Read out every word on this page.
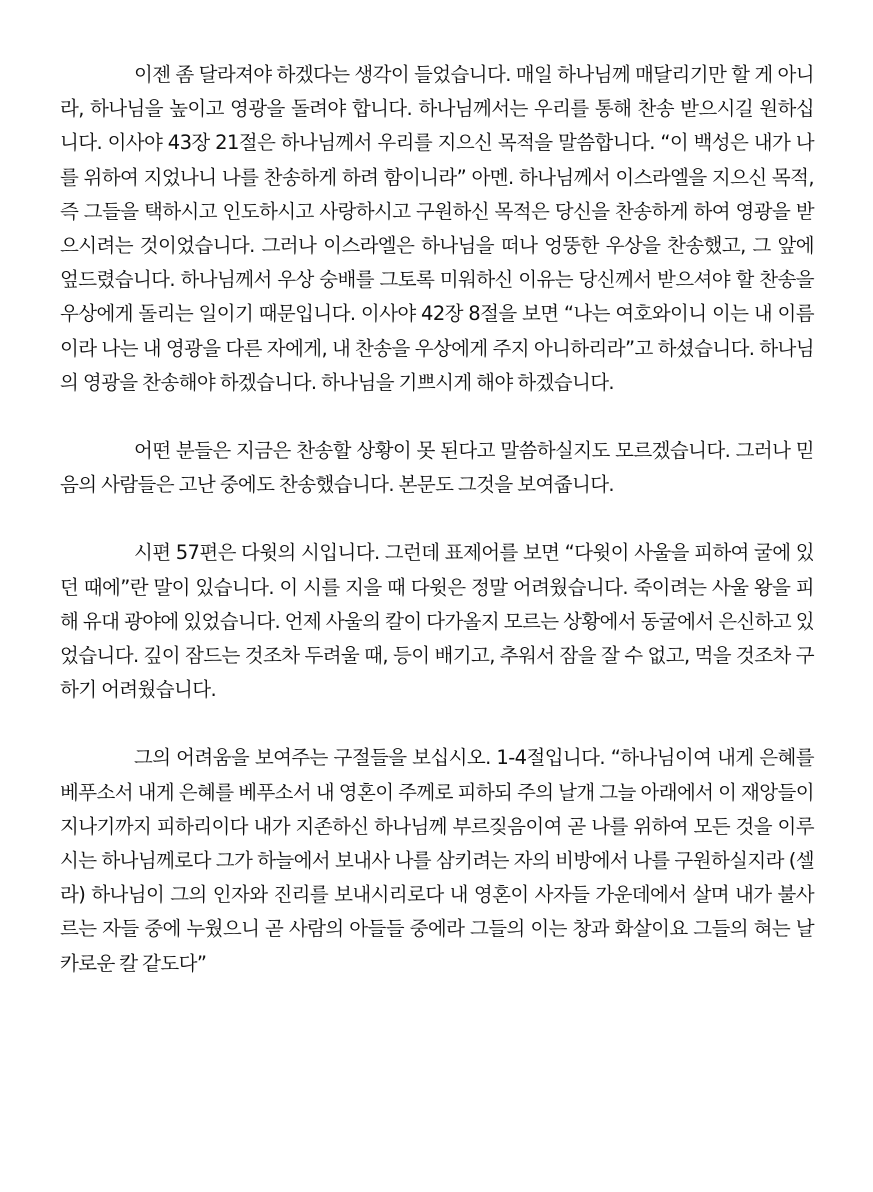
이젠 좀 달라져야 하겠다는 생각이 들었습니다. 매일 하나님께 매달리기만 할 게 아니라, 하나님을 높이고 영광을 돌려야 합니다. 하나님께서는 우리를 통해 찬송 받으시길 원하십니다. 이사야 43장 21절은 하나님께서 우리를 지으신 목적을 말씀합니다. “이 백성은 내가 나를 위하여 지었나니 나를 찬송하게 하려 함이니라” 아멘. 하나님께서 이스라엘을 지으신 목적, 즉 그들을 택하시고 인도하시고 사랑하시고 구원하신 목적은 당신을 찬송하게 하여 영광을 받으시려는 것이었습니다. 그러나 이스라엘은 하나님을 떠나 엉뚱한 우상을 찬송했고, 그 앞에 엎드렸습니다. 하나님께서 우상 숭배를 그토록 미워하신 이유는 당신께서 받으셔야 할 찬송을 우상에게 돌리는 일이기 때문입니다. 이사야 42장 8절을 보면 “나는 여호와이니 이는 내 이름이라 나는 내 영광을 다른 자에게, 내 찬송을 우상에게 주지 아니하리라”고 하셨습니다. 하나님의 영광을 찬송해야 하겠습니다. 하나님을 기쁘시게 해야 하겠습니다.

어떤 분들은 지금은 찬송할 상황이 못 된다고 말씀하실지도 모르겠습니다. 그러나 믿음의 사람들은 고난 중에도 찬송했습니다. 본문도 그것을 보여줍니다.

시편 57편은 다윗의 시입니다. 그런데 표제어를 보면 “다윗이 사울을 피하여 굴에 있던 때에”란 말이 있습니다. 이 시를 지을 때 다윗은 정말 어려웠습니다. 죽이려는 사울 왕을 피해 유대 광야에 있었습니다. 언제 사울의 칼이 다가올지 모르는 상황에서 동굴에서 은신하고 있었습니다. 깊이 잠드는 것조차 두려울 때, 등이 배기고, 추워서 잠을 잘 수 없고, 먹을 것조차 구하기 어려웠습니다.

그의 어려움을 보여주는 구절들을 보십시오. 1-4절입니다. “하나님이여 내게 은혜를 베푸소서 내게 은혜를 베푸소서 내 영혼이 주께로 피하되 주의 날개 그늘 아래에서 이 재앙들이 지나기까지 피하리이다 내가 지존하신 하나님께 부르짖음이여 곧 나를 위하여 모든 것을 이루시는 하나님께로다 그가 하늘에서 보내사 나를 삼키려는 자의 비방에서 나를 구원하실지라 (셀라) 하나님이 그의 인자와 진리를 보내시리로다 내 영혼이 사자들 가운데에서 살며 내가 불사르는 자들 중에 누웠으니 곧 사람의 아들들 중에라 그들의 이는 창과 화살이요 그들의 혀는 날카로운 칼 같도다”
